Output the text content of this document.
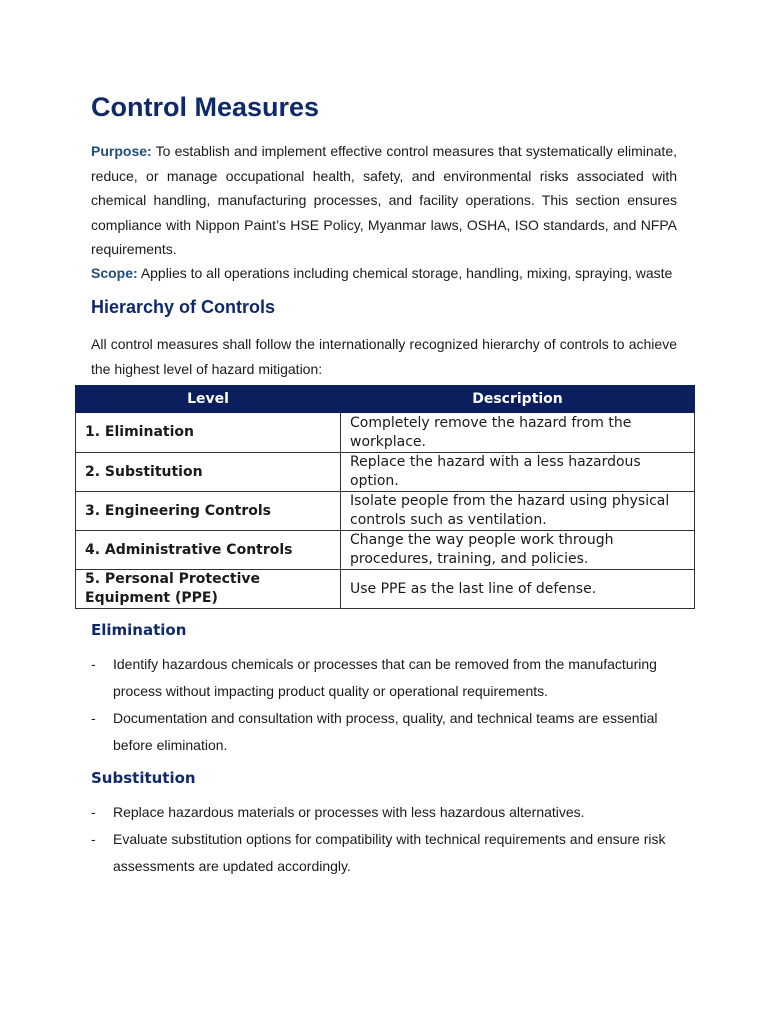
Control Measures

Purpose: To establish and implement effective control measures that systematically eliminate, reduce, or manage occupational health, safety, and environmental risks associated with chemical handling, manufacturing processes, and facility operations. This section ensures compliance with Nippon Paint’s HSE Policy, Myanmar laws, OSHA, ISO standards, and NFPA requirements.

Scope: Applies to all operations including chemical storage, handling, mixing, spraying, waste

Hierarchy of Controls

All control measures shall follow the internationally recognized hierarchy of controls to achieve the highest level of hazard mitigation:

Elimination
- Identify hazardous chemicals or processes that can be removed from the manufacturing process without impacting product quality or operational requirements.
- Documentation and consultation with process, quality, and technical teams are essential before elimination.
Substitution
- Replace hazardous materials or processes with less hazardous alternatives.
- Evaluate substitution options for compatibility with technical requirements and ensure risk assessments are updated accordingly.
Level	Description
1. Elimination	Completely remove the hazard from the workplace.
2. Substitution	Replace the hazard with a less hazardous option.
3. Engineering Controls	Isolate people from the hazard using physical controls such as ventilation.
4. Administrative Controls	Change the way people work through procedures, training, and policies.
5. Personal Protective Equipment (PPE)	Use PPE as the last line of defense.
